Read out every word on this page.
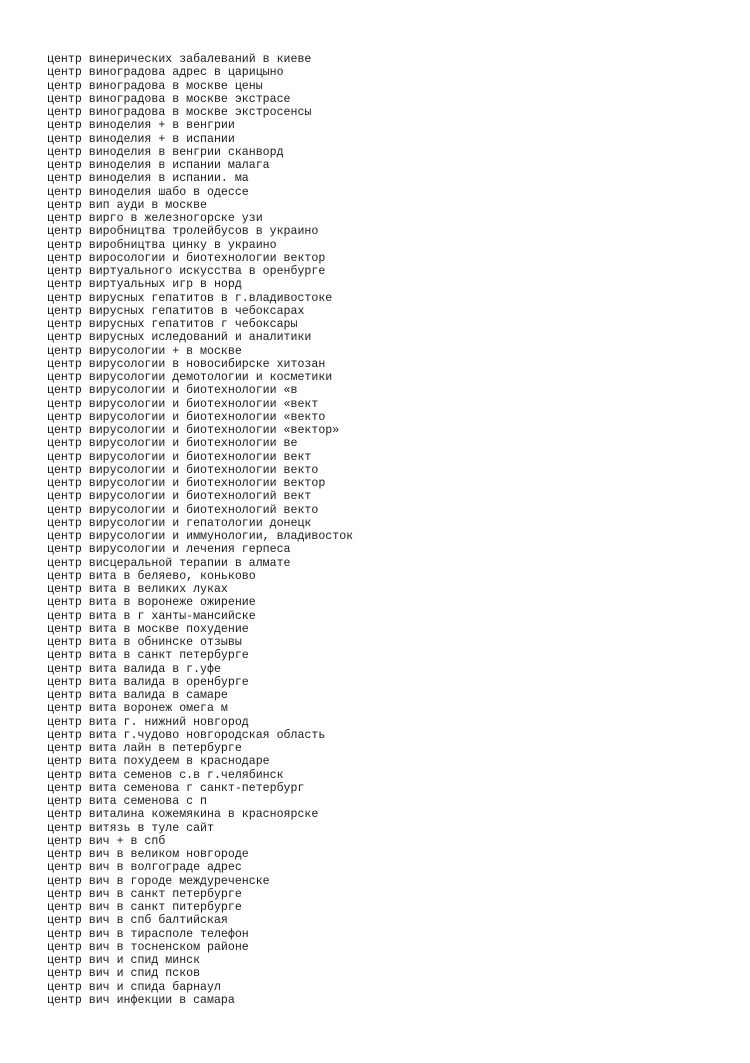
центр винерических забалеваний в киеве
центр виноградова адрес в царицыно
центр виноградова в москве цены
центр виноградова в москве экстрасе
центр виноградова в москве экстросенсы
центр виноделия + в венгрии
центр виноделия + в испании
центр виноделия в венгрии сканворд
центр виноделия в испании малага
центр виноделия в испании. ма
центр виноделия шабо в одессе
центр вип ауди в москве
центр вирго в железногорске узи
центр виробництва тролейбусов в украино
центр виробництва цинку в украино
центр виросологии и биотехнологии вектор
центр виртуального искусства в оренбурге
центр виртуальных игр в норд
центр вирусных гепатитов в г.владивостоке
центр вирусных гепатитов в чебоксарах
центр вирусных гепатитов г чебоксары
центр вирусных иследований и аналитики
центр вирусологии + в москве
центр вирусологии в новосибирске хитозан
центр вирусологии демотологии и косметики
центр вирусологии и биотехнологии «в
центр вирусологии и биотехнологии «вект
центр вирусологии и биотехнологии «векто
центр вирусологии и биотехнологии «вектор»
центр вирусологии и биотехнологии ве
центр вирусологии и биотехнологии вект
центр вирусологии и биотехнологии векто
центр вирусологии и биотехнологии вектор
центр вирусологии и биотехнологий вект
центр вирусологии и биотехнологий векто
центр вирусологии и гепатологии донецк
центр вирусологии и иммунологии, владивосток
центр вирусологии и лечения герпеса
центр висцеральной терапии в алмате
центр вита в беляево, коньково
центр вита в великих луках
центр вита в воронеже ожирение
центр вита в г ханты-мансийске
центр вита в москве похудение
центр вита в обнинске отзывы
центр вита в санкт петербурге
центр вита валида в г.уфе
центр вита валида в оренбурге
центр вита валида в самаре
центр вита воронеж омега м
центр вита г. нижний новгород
центр вита г.чудово новгородская область
центр вита лайн в петербурге
центр вита похудеем в краснодаре
центр вита семенов с.в г.челябинск
центр вита семенова г санкт-петербург
центр вита семенова с п
центр виталина кожемякина в красноярске
центр витязь в туле сайт
центр вич + в спб
центр вич в великом новгороде
центр вич в волгограде адрес
центр вич в городе междуреченске
центр вич в санкт петербурге
центр вич в санкт питербурге
центр вич в спб балтийская
центр вич в тирасполе телефон
центр вич в тосненском районе
центр вич и спид минск
центр вич и спид псков
центр вич и спида барнаул
центр вич инфекции в самара
